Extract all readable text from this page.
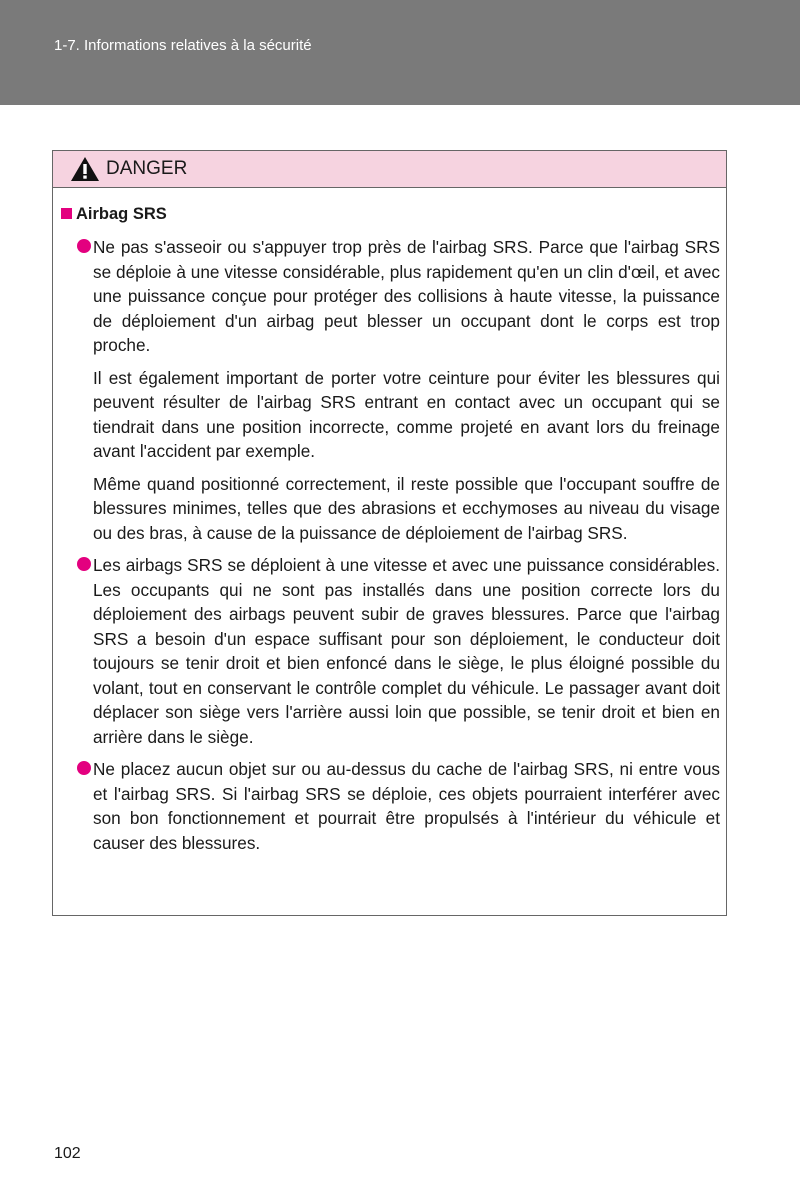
1-7. Informations relatives à la sécurité
DANGER
Airbag SRS

Ne pas s'asseoir ou s'appuyer trop près de l'airbag SRS. Parce que l'airbag SRS se déploie à une vitesse considérable, plus rapidement qu'en un clin d'œil, et avec une puissance conçue pour protéger des collisions à haute vitesse, la puissance de déploiement d'un airbag peut blesser un occupant dont le corps est trop proche.

Il est également important de porter votre ceinture pour éviter les blessures qui peuvent résulter de l'airbag SRS entrant en contact avec un occupant qui se tiendrait dans une position incorrecte, comme projeté en avant lors du freinage avant l'accident par exemple.

Même quand positionné correctement, il reste possible que l'occupant souffre de blessures minimes, telles que des abrasions et ecchymoses au niveau du visage ou des bras, à cause de la puissance de déploiement de l'airbag SRS.

Les airbags SRS se déploient à une vitesse et avec une puissance considérables. Les occupants qui ne sont pas installés dans une position correcte lors du déploiement des airbags peuvent subir de graves blessures. Parce que l'airbag SRS a besoin d'un espace suffisant pour son déploiement, le conducteur doit toujours se tenir droit et bien enfoncé dans le siège, le plus éloigné possible du volant, tout en conservant le contrôle complet du véhicule. Le passager avant doit déplacer son siège vers l'arrière aussi loin que possible, se tenir droit et bien en arrière dans le siège.

Ne placez aucun objet sur ou au-dessus du cache de l'airbag SRS, ni entre vous et l'airbag SRS. Si l'airbag SRS se déploie, ces objets pourraient interférer avec son bon fonctionnement et pourrait être propulsés à l'intérieur du véhicule et causer des blessures.

102
